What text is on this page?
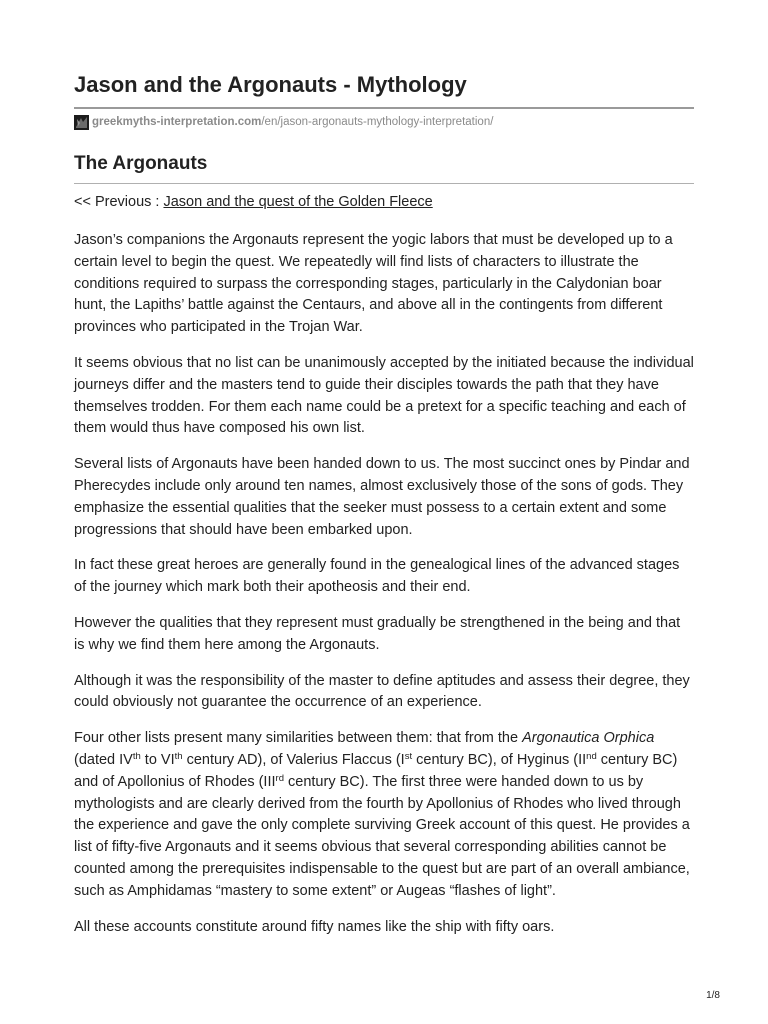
Jason and the Argonauts - Mythology
greekmyths-interpretation.com /en/jason-argonauts-mythology-interpretation/
The Argonauts
<< Previous : Jason and the quest of the Golden Fleece

Jason’s companions the Argonauts represent the yogic labors that must be developed up to a certain level to begin the quest. We repeatedly will find lists of characters to illustrate the conditions required to surpass the corresponding stages, particularly in the Calydonian boar hunt, the Lapiths’ battle against the Centaurs, and above all in the contingents from different provinces who participated in the Trojan War.

It seems obvious that no list can be unanimously accepted by the initiated because the individual journeys differ and the masters tend to guide their disciples towards the path that they have themselves trodden. For them each name could be a pretext for a specific teaching and each of them would thus have composed his own list.

Several lists of Argonauts have been handed down to us. The most succinct ones by Pindar and Pherecydes include only around ten names, almost exclusively those of the sons of gods. They emphasize the essential qualities that the seeker must possess to a certain extent and some progressions that should have been embarked upon.

In fact these great heroes are generally found in the genealogical lines of the advanced stages of the journey which mark both their apotheosis and their end.

However the qualities that they represent must gradually be strengthened in the being and that is why we find them here among the Argonauts.

Although it was the responsibility of the master to define aptitudes and assess their degree, they could obviously not guarantee the occurrence of an experience.

Four other lists present many similarities between them: that from the Argonautica Orphica (dated IVth to VIth century AD), of Valerius Flaccus (Ist century BC), of Hyginus (IInd century BC) and of Apollonius of Rhodes (IIIrd century BC). The first three were handed down to us by mythologists and are clearly derived from the fourth by Apollonius of Rhodes who lived through the experience and gave the only complete surviving Greek account of this quest. He provides a list of fifty-five Argonauts and it seems obvious that several corresponding abilities cannot be counted among the prerequisites indispensable to the quest but are part of an overall ambiance, such as Amphidamas “mastery to some extent” or Augeas “flashes of light”.

All these accounts constitute around fifty names like the ship with fifty oars.

1/8
